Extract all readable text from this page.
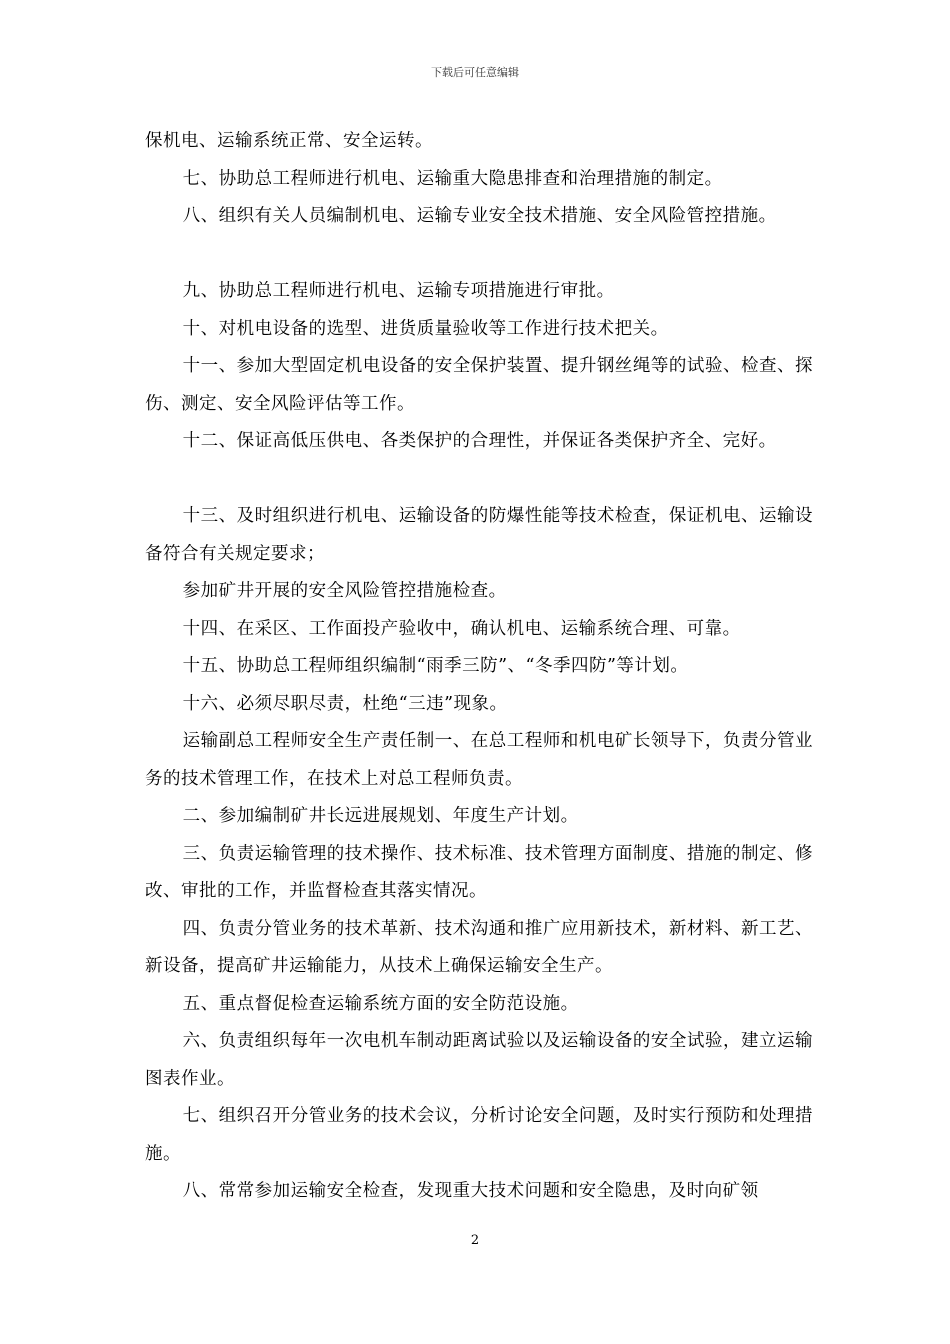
下载后可任意编辑

保机电、运输系统正常、安全运转。

七、协助总工程师进行机电、运输重大隐患排查和治理措施的制定。

八、组织有关人员编制机电、运输专业安全技术措施、安全风险管控措施。

九、协助总工程师进行机电、运输专项措施进行审批。

十、对机电设备的选型、进货质量验收等工作进行技术把关。

十一、参加大型固定机电设备的安全保护装置、提升钢丝绳等的试验、检查、探伤、测定、安全风险评估等工作。

十二、保证高低压供电、各类保护的合理性，并保证各类保护齐全、完好。

十三、及时组织进行机电、运输设备的防爆性能等技术检查，保证机电、运输设备符合有关规定要求；

参加矿井开展的安全风险管控措施检查。

十四、在采区、工作面投产验收中，确认机电、运输系统合理、可靠。

十五、协助总工程师组织编制“雨季三防”、“冬季四防”等计划。

十六、必须尽职尽责，杜绝“三违”现象。

运输副总工程师安全生产责任制一、在总工程师和机电矿长领导下，负责分管业务的技术管理工作，在技术上对总工程师负责。

二、参加编制矿井长远进展规划、年度生产计划。

三、负责运输管理的技术操作、技术标准、技术管理方面制度、措施的制定、修改、审批的工作，并监督检查其落实情况。

四、负责分管业务的技术革新、技术沟通和推广应用新技术，新材料、新工艺、新设备，提高矿井运输能力，从技术上确保运输安全生产。

五、重点督促检查运输系统方面的安全防范设施。

六、负责组织每年一次电机车制动距离试验以及运输设备的安全试验，建立运输图表作业。

七、组织召开分管业务的技术会议，分析讨论安全问题，及时实行预防和处理措施。

八、常常参加运输安全检查，发现重大技术问题和安全隐患，及时向矿领

2
